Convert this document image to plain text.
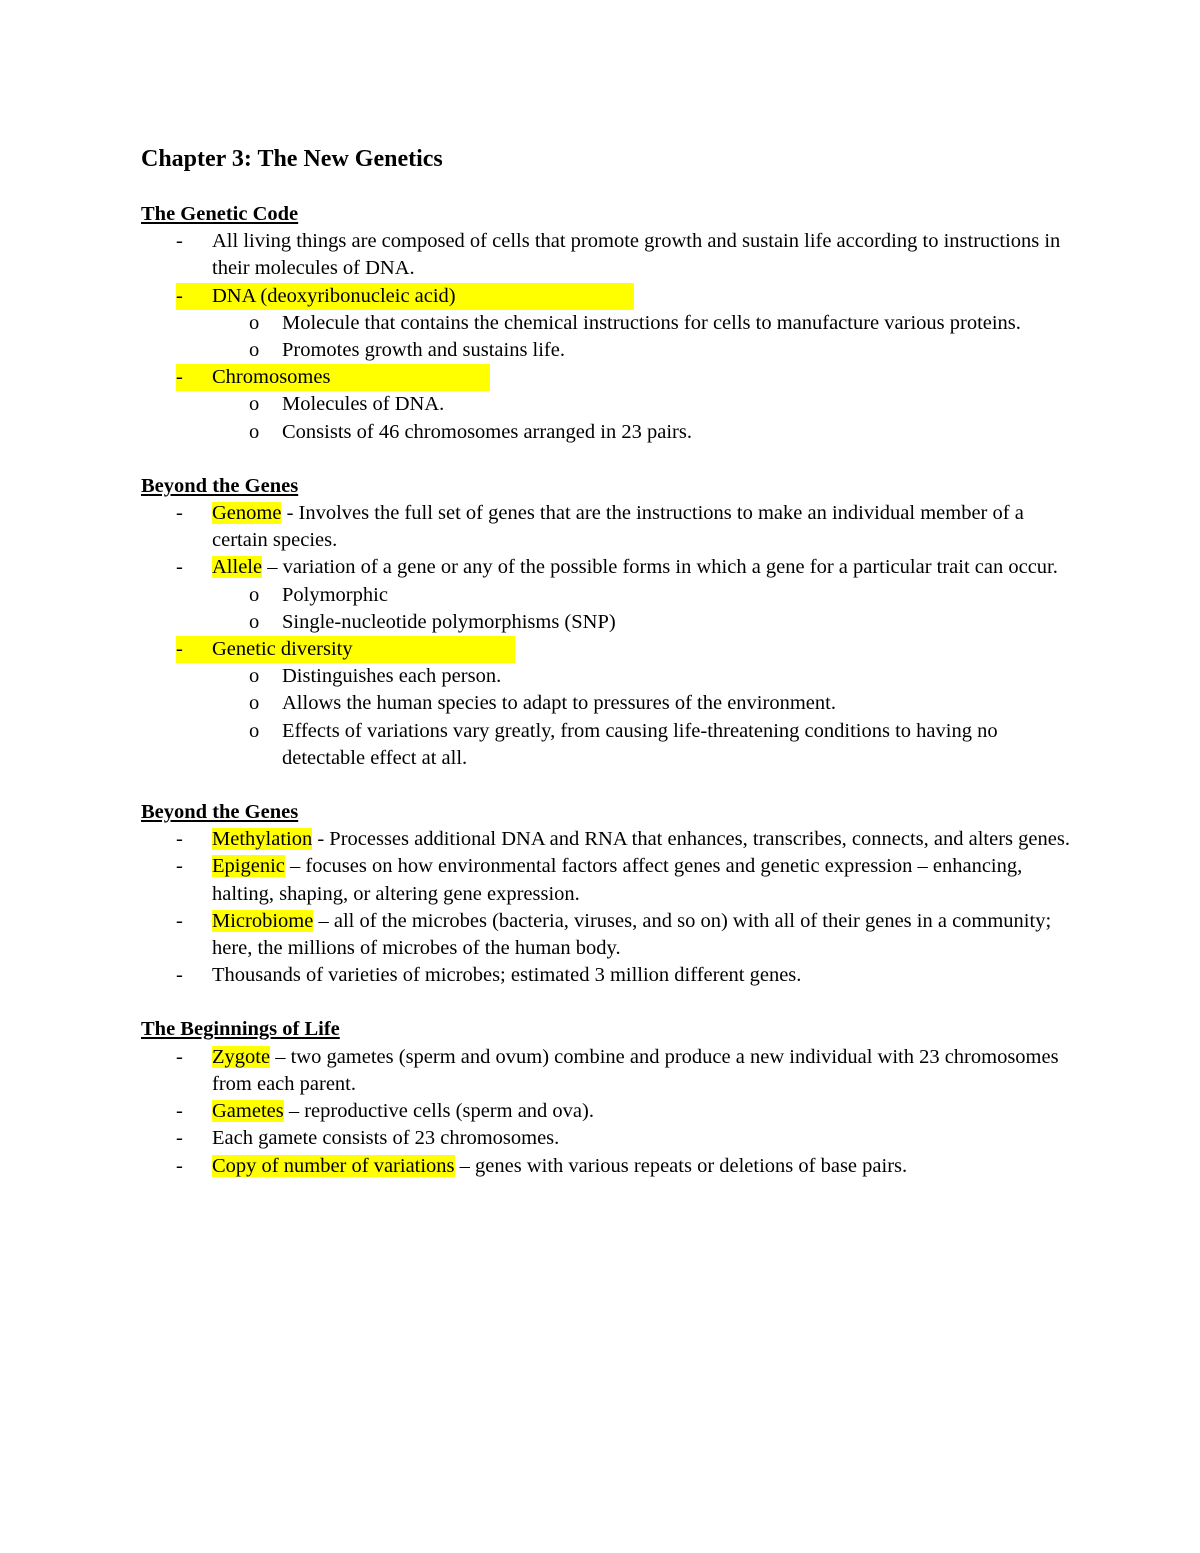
Chapter 3: The New Genetics
The Genetic Code
- All living things are composed of cells that promote growth and sustain life according to instructions in their molecules of DNA.
- DNA (deoxyribonucleic acid)
o Molecule that contains the chemical instructions for cells to manufacture various proteins.
o Promotes growth and sustains life.
- Chromosomes
o Molecules of DNA.
o Consists of 46 chromosomes arranged in 23 pairs.
Beyond the Genes
- Genome - Involves the full set of genes that are the instructions to make an individual member of a certain species.
- Allele – variation of a gene or any of the possible forms in which a gene for a particular trait can occur.
o Polymorphic
o Single-nucleotide polymorphisms (SNP)
- Genetic diversity
o Distinguishes each person.
o Allows the human species to adapt to pressures of the environment.
o Effects of variations vary greatly, from causing life-threatening conditions to having no detectable effect at all.
Beyond the Genes
- Methylation - Processes additional DNA and RNA that enhances, transcribes, connects, and alters genes.
- Epigenic – focuses on how environmental factors affect genes and genetic expression – enhancing, halting, shaping, or altering gene expression.
- Microbiome – all of the microbes (bacteria, viruses, and so on) with all of their genes in a community; here, the millions of microbes of the human body.
- Thousands of varieties of microbes; estimated 3 million different genes.
The Beginnings of Life
- Zygote – two gametes (sperm and ovum) combine and produce a new individual with 23 chromosomes from each parent.
- Gametes – reproductive cells (sperm and ova).
- Each gamete consists of 23 chromosomes.
- Copy of number of variations – genes with various repeats or deletions of base pairs.
